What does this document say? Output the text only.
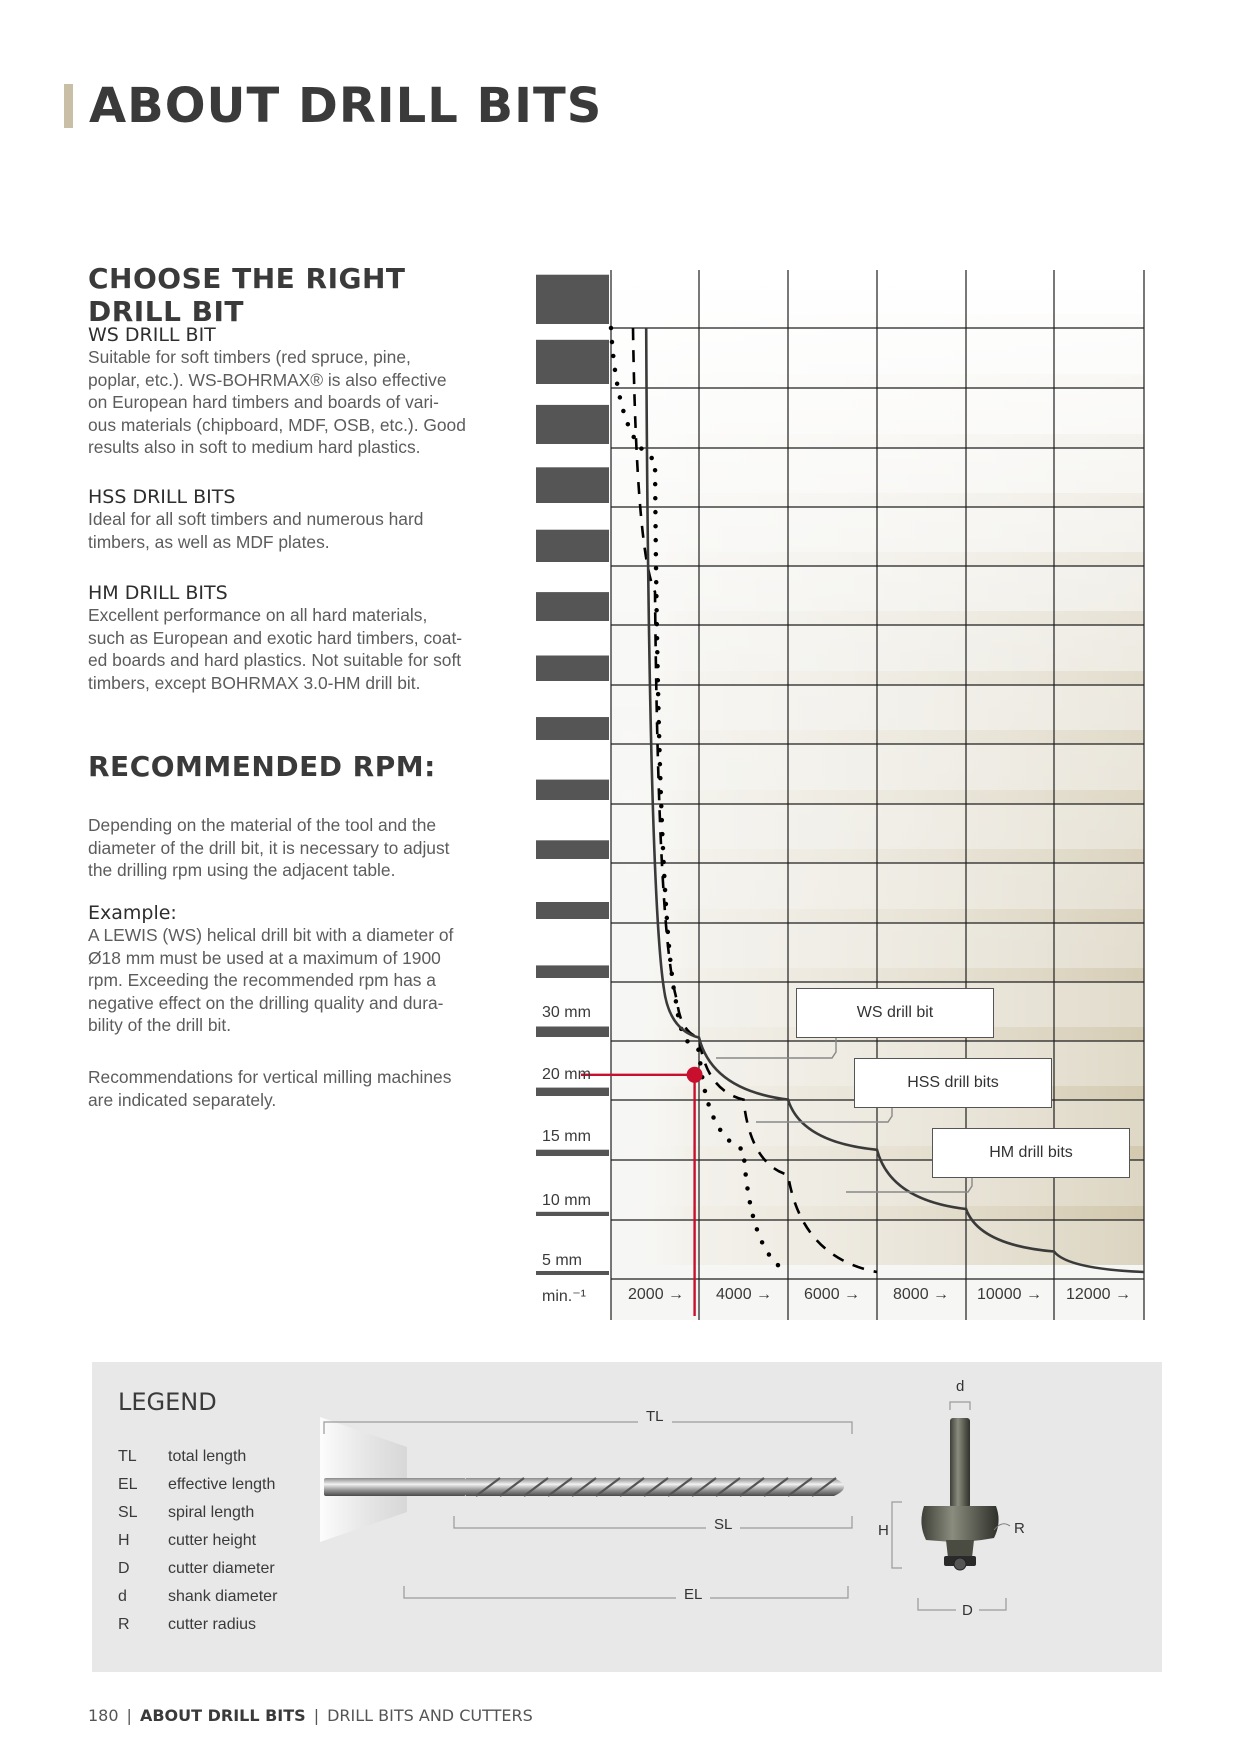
ABOUT DRILL BITS
CHOOSE THE RIGHT DRILL BIT
WS DRILL BIT
Suitable for soft timbers (red spruce, pine,
poplar, etc.). WS-BOHRMAX® is also effective
on European hard timbers and boards of vari-
ous materials (chipboard, MDF, OSB, etc.). Good
results also in soft to medium hard plastics.
HSS DRILL BITS
Ideal for all soft timbers and numerous hard
timbers, as well as MDF plates.
HM DRILL BITS
Excellent performance on all hard materials,
such as European and exotic hard timbers, coat-
ed boards and hard plastics. Not suitable for soft
timbers, except BOHRMAX 3.0-HM drill bit.
RECOMMENDED RPM:
Depending on the material of the tool and the
diameter of the drill bit, it is necessary to adjust
the drilling rpm using the adjacent table.
Example:
A LEWIS (WS) helical drill bit with a diameter of
Ø18 mm must be used at a maximum of 1900
rpm. Exceeding the recommended rpm has a
negative effect on the drilling quality and dura-
bility of the drill bit.
Recommendations for vertical milling machines
are indicated separately.
30 mm
20 mm
15 mm
10 mm
5 mm
min.⁻¹	2000 → 4000 → 6000 → 8000 → 10000 → 12000 →
WS drill bit
HSS drill bits
HM drill bits
LEGEND
TL	total length
EL	effective length
SL	spiral length
H	cutter height
D	cutter diameter
d	shank diameter
R	cutter radius
TL
SL
EL
d
H	R
D
180 | ABOUT DRILL BITS | DRILL BITS AND CUTTERS
